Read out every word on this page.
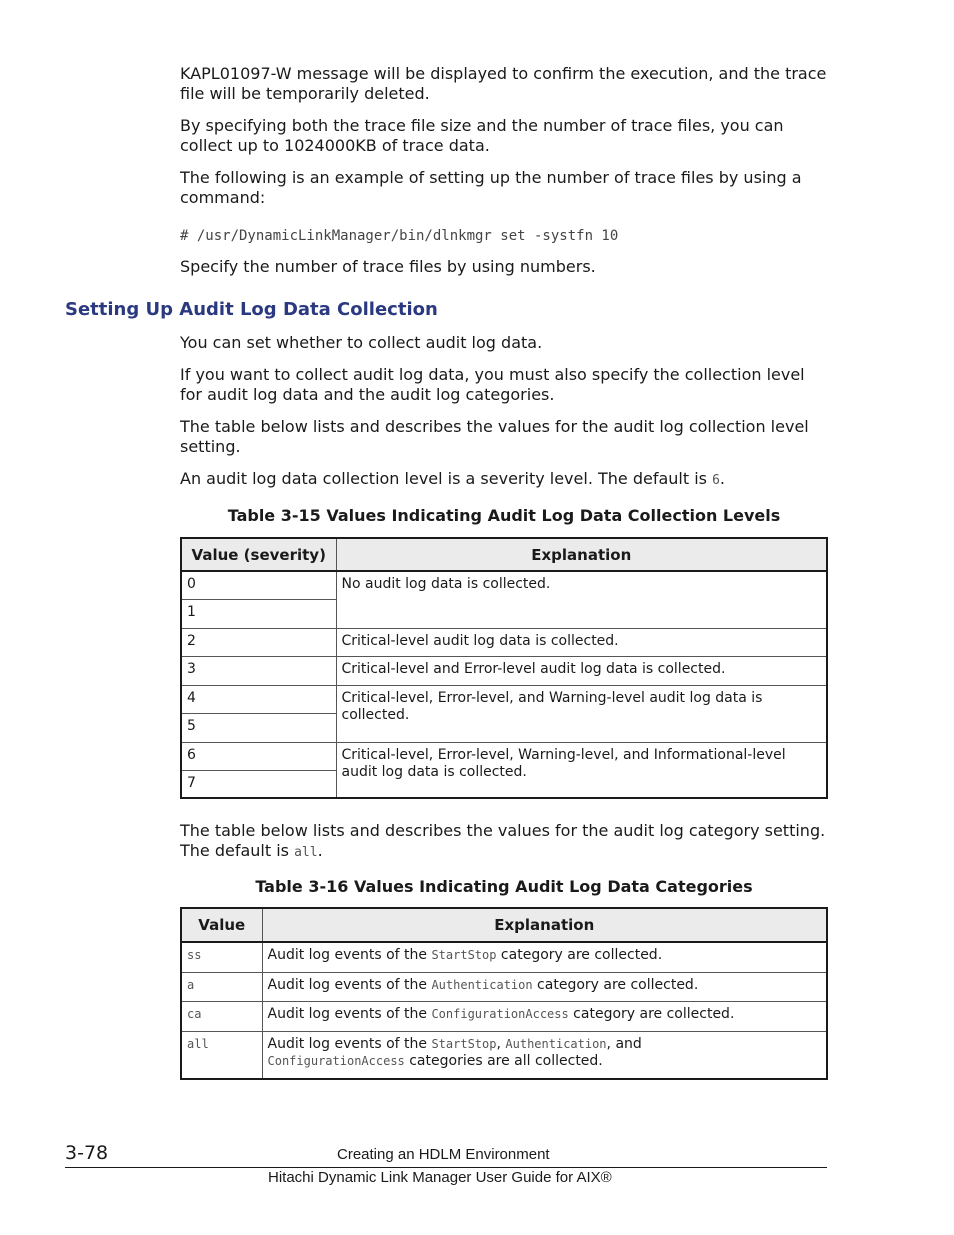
KAPL01097-W message will be displayed to confirm the execution, and the trace file will be temporarily deleted.

By specifying both the trace file size and the number of trace files, you can collect up to 1024000KB of trace data.

The following is an example of setting up the number of trace files by using a command:

# /usr/DynamicLinkManager/bin/dlnkmgr set -systfn 10

Specify the number of trace files by using numbers.

Setting Up Audit Log Data Collection

You can set whether to collect audit log data.

If you want to collect audit log data, you must also specify the collection level for audit log data and the audit log categories.

The table below lists and describes the values for the audit log collection level setting.

An audit log data collection level is a severity level. The default is 6.

Table 3-15 Values Indicating Audit Log Data Collection Levels
Value (severity)	Explanation
0	No audit log data is collected.
1	
2	Critical-level audit log data is collected.
3	Critical-level and Error-level audit log data is collected.
4	Critical-level, Error-level, and Warning-level audit log data is collected.
5	
6	Critical-level, Error-level, Warning-level, and Informational-level audit log data is collected.
7	

The table below lists and describes the values for the audit log category setting. The default is all.

Table 3-16 Values Indicating Audit Log Data Categories
Value	Explanation
ss	Audit log events of the StartStop category are collected.
a	Audit log events of the Authentication category are collected.
ca	Audit log events of the ConfigurationAccess category are collected.
all	Audit log events of the StartStop, Authentication, and
ConfigurationAccess categories are all collected.
3-78	Creating an HDLM Environment
Hitachi Dynamic Link Manager User Guide for AIX®
